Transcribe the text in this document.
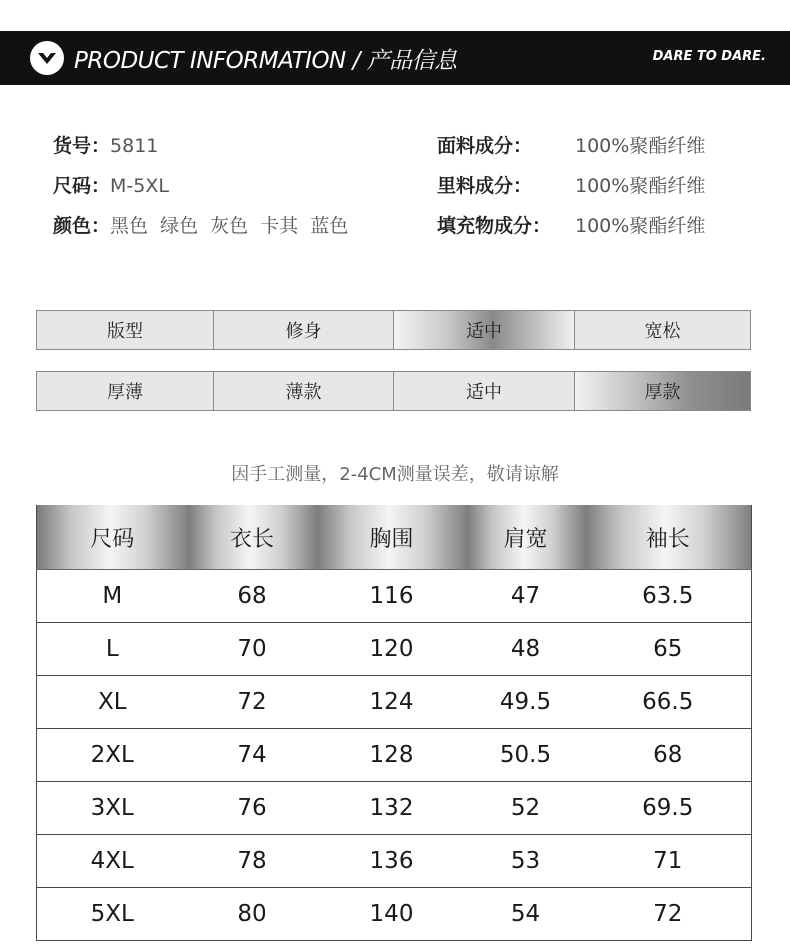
PRODUCT INFORMATION / 产品信息	DARE TO DARE.
货号：5811
尺码：M-5XL
颜色：黑色  绿色  灰色  卡其  蓝色
面料成分： 100%聚酯纤维
里料成分： 100%聚酯纤维
填充物成分： 100%聚酯纤维
版型	修身	适中	宽松
厚薄	薄款	适中	厚款
因手工测量，2-4CM测量误差，敬请谅解
尺码	衣长	胸围	肩宽	袖长
M	68	116	47	63.5
L	70	120	48	65
XL	72	124	49.5	66.5
2XL	74	128	50.5	68
3XL	76	132	52	69.5
4XL	78	136	53	71
5XL	80	140	54	72
